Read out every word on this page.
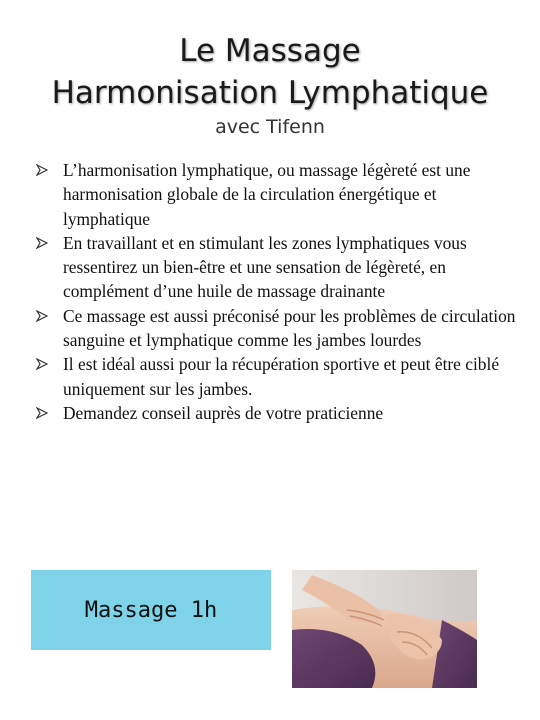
Le Massage
Harmonisation Lymphatique
avec Tifenn
L’harmonisation lymphatique, ou massage légèreté est une harmonisation globale de la circulation énergétique et lymphatique
En travaillant et en stimulant les zones lymphatiques vous ressentirez un bien-être et une sensation de légèreté, en complément d’une huile de massage drainante
Ce massage est aussi préconisé pour les problèmes de circulation sanguine et lymphatique comme les jambes lourdes
Il est idéal aussi pour la récupération sportive et peut être ciblé uniquement sur les jambes.
Demandez conseil auprès de votre praticienne
Massage 1h
